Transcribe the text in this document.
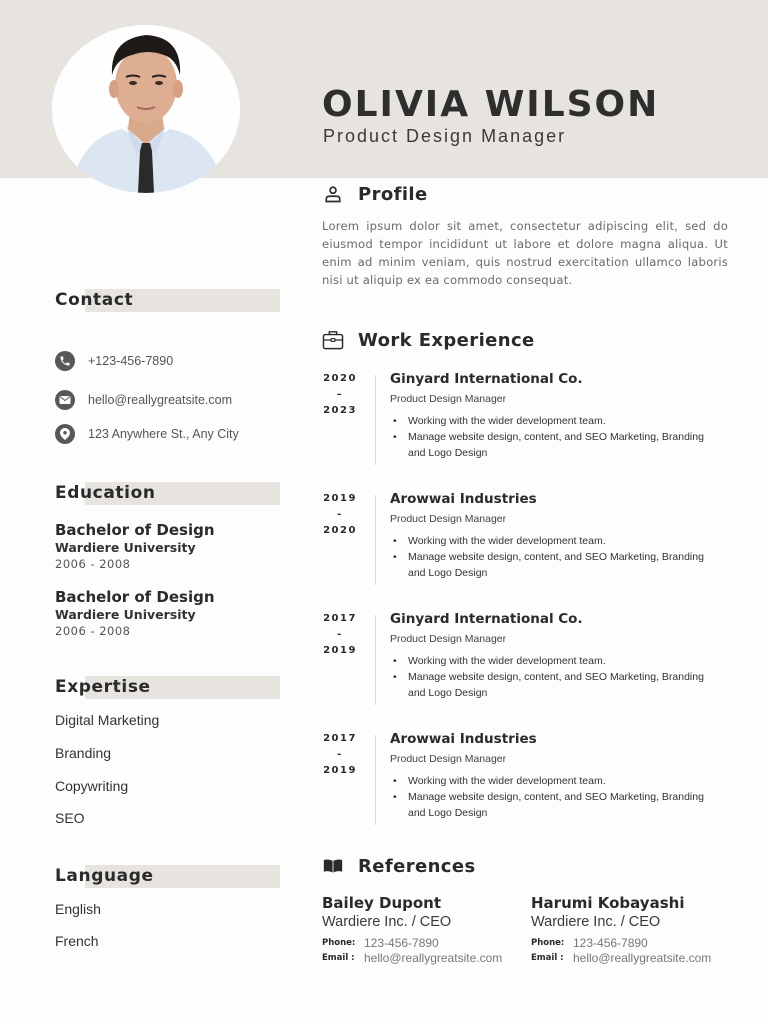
OLIVIA WILSON
Product Design Manager
Contact
+123-456-7890
hello@reallygreatsite.com
123 Anywhere St., Any City
Education
Bachelor of Design
Wardiere University
2006 - 2008
Bachelor of Design
Wardiere University
2006 - 2008
Expertise
Digital Marketing
Branding
Copywriting
SEO
Language
English
French
Profile
Lorem ipsum dolor sit amet, consectetur adipiscing elit, sed do eiusmod tempor incididunt ut labore et dolore magna aliqua. Ut enim ad minim veniam, quis nostrud exercitation ullamco laboris nisi ut aliquip ex ea commodo consequat.
Work Experience
2020
–
2023
Ginyard International Co.
Product Design Manager
• Working with the wider development team.
• Manage website design, content, and SEO Marketing, Branding and Logo Design
2019
-
2020
Arowwai Industries
Product Design Manager
• Working with the wider development team.
• Manage website design, content, and SEO Marketing, Branding and Logo Design
2017
-
2019
Ginyard International Co.
Product Design Manager
• Working with the wider development team.
• Manage website design, content, and SEO Marketing, Branding and Logo Design
2017
-
2019
Arowwai Industries
Product Design Manager
• Working with the wider development team.
• Manage website design, content, and SEO Marketing, Branding and Logo Design
References
Bailey Dupont
Wardiere Inc. / CEO
Phone: 123-456-7890
Email : hello@reallygreatsite.com
Harumi Kobayashi
Wardiere Inc. / CEO
Phone: 123-456-7890
Email : hello@reallygreatsite.com
